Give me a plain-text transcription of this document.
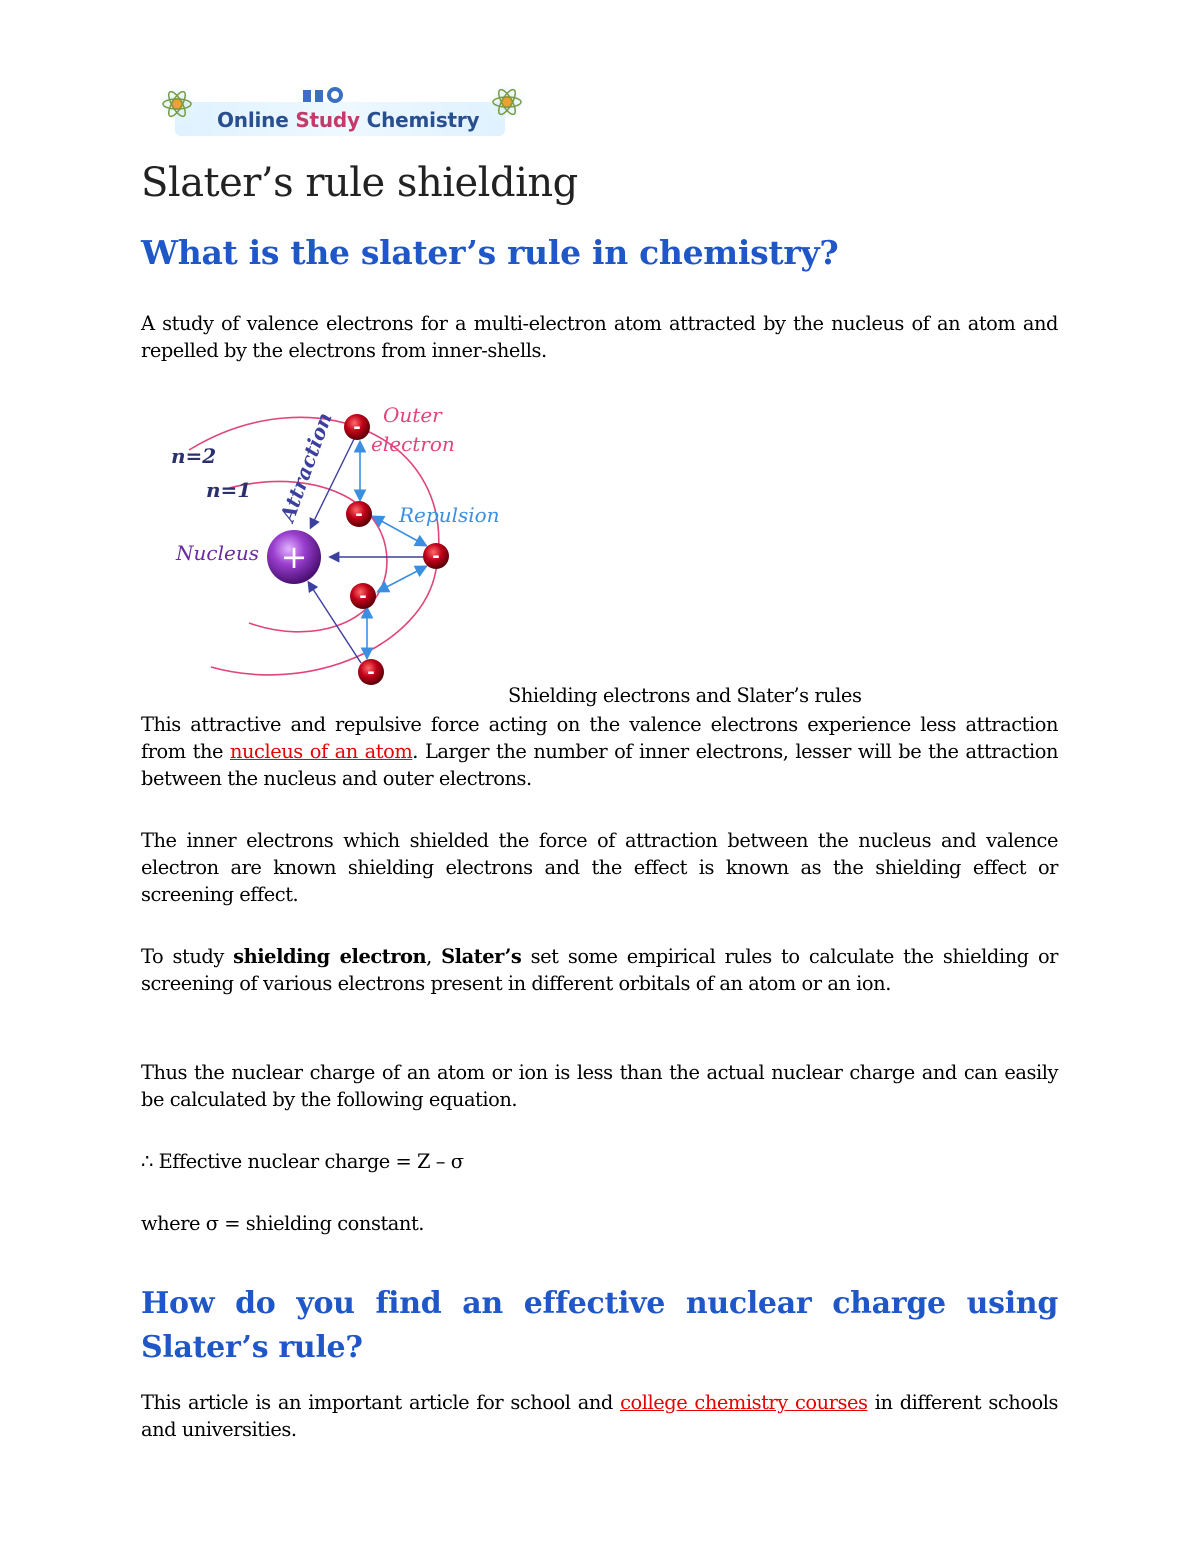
Online Study Chemistry
Slater’s rule shielding
What is the slater’s rule in chemistry?

A study of valence electrons for a multi-electron atom attracted by the nucleus of an atom and repelled by the electrons from inner-shells.

n=2
n=1
Nucleus
Outer
electron
Repulsion
Attraction
+
-
-
-
-
-

Shielding electrons and Slater’s rules

This attractive and repulsive force acting on the valence electrons experience less attraction from the nucleus of an atom. Larger the number of inner electrons, lesser will be the attraction between the nucleus and outer electrons.

The inner electrons which shielded the force of attraction between the nucleus and valence electron are known shielding electrons and the effect is known as the shielding effect or screening effect.

To study shielding electron, Slater’s set some empirical rules to calculate the shielding or screening of various electrons present in different orbitals of an atom or an ion.

Thus the nuclear charge of an atom or ion is less than the actual nuclear charge and can easily be calculated by the following equation.

∴ Effective nuclear charge = Z – σ

where σ = shielding constant.

How do you find an effective nuclear charge using
Slater’s rule?

This article is an important article for school and college chemistry courses in different schools and universities.
